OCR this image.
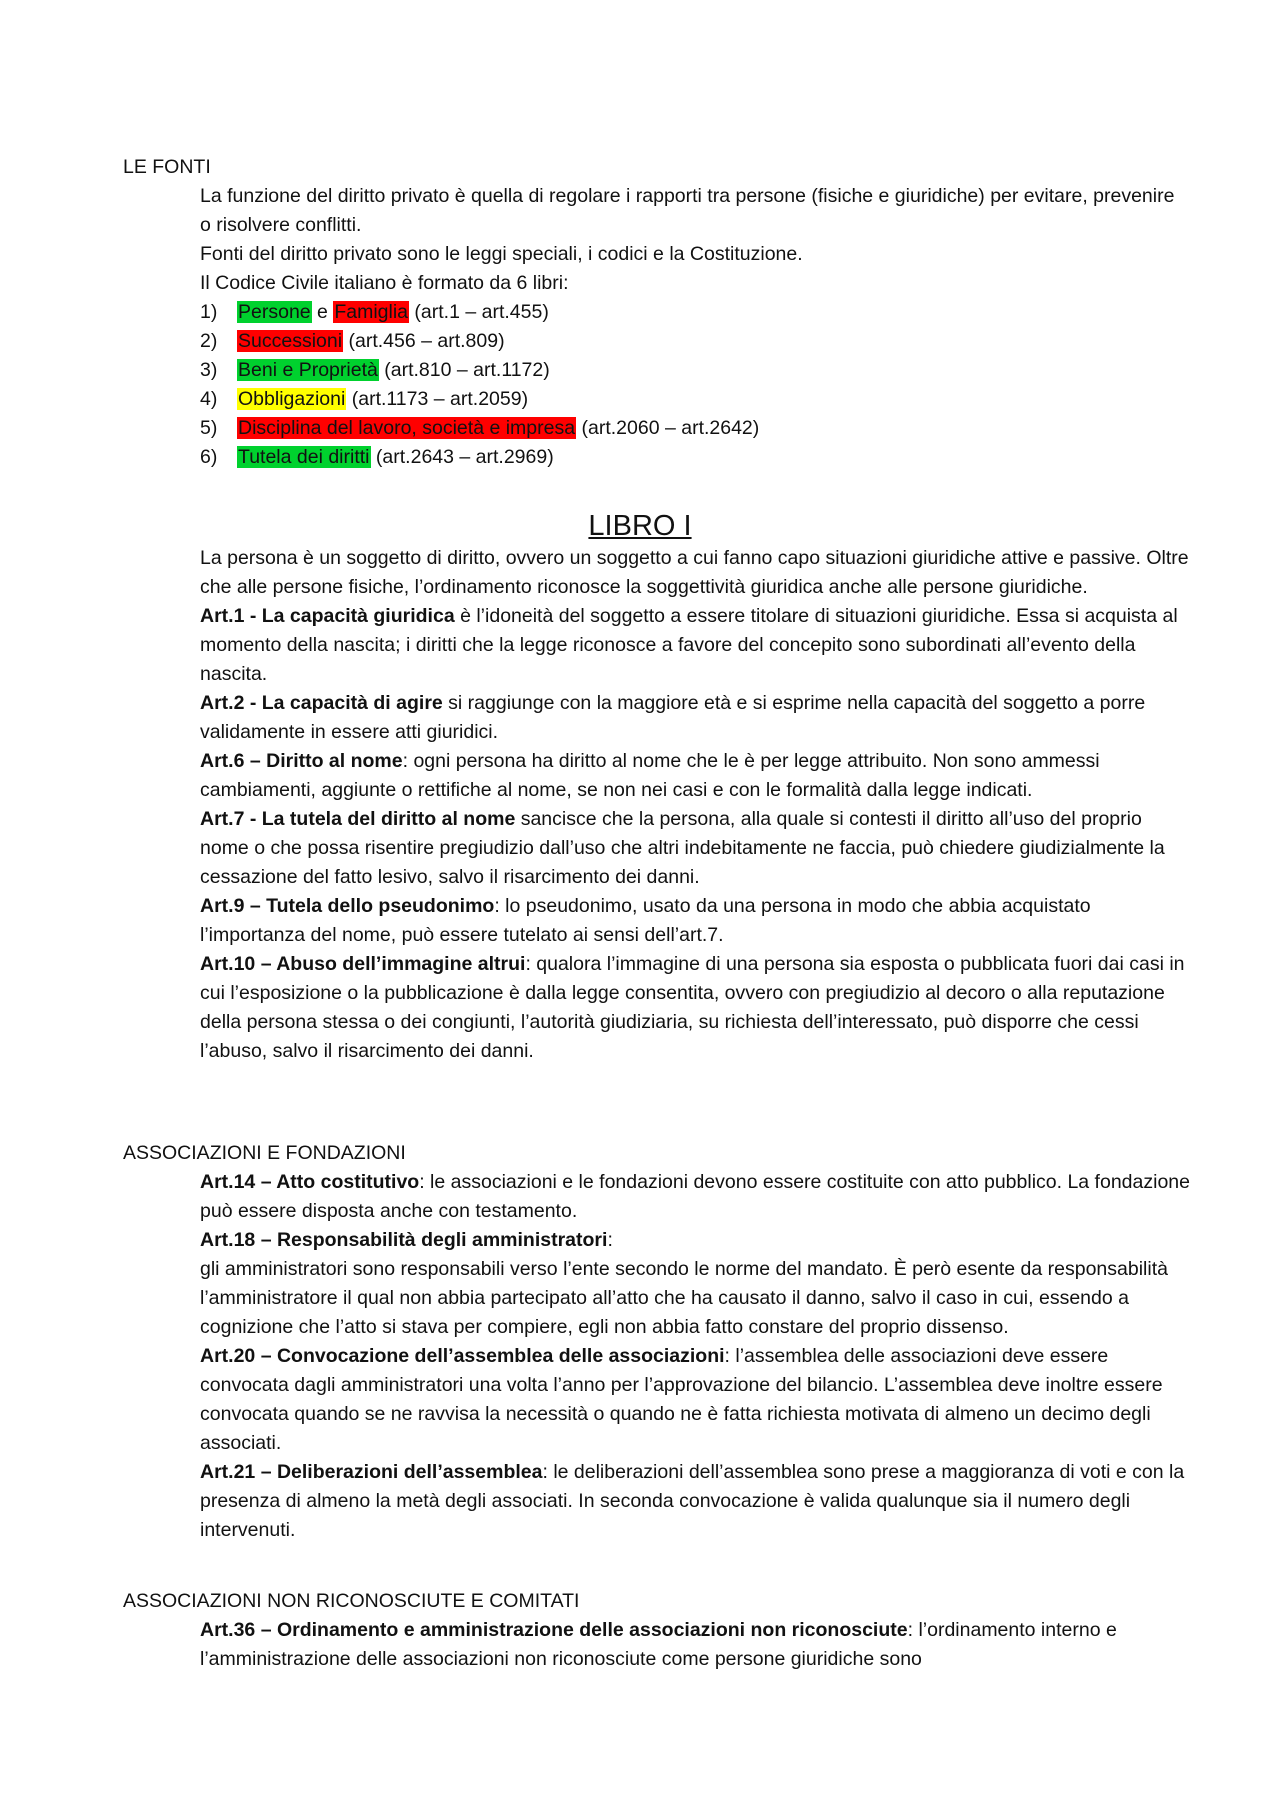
LE FONTI

La funzione del diritto privato è quella di regolare i rapporti tra persone (fisiche e giuridiche) per evitare, prevenire o risolvere conflitti.

Fonti del diritto privato sono le leggi speciali, i codici e la Costituzione.

Il Codice Civile italiano è formato da 6 libri:

1) Persone e Famiglia (art.1 – art.455)
2) Successioni (art.456 – art.809)
3) Beni e Proprietà (art.810 – art.1172)
4) Obbligazioni (art.1173 – art.2059)
5) Disciplina del lavoro, società e impresa (art.2060 – art.2642)
6) Tutela dei diritti (art.2643 – art.2969)
LIBRO I

La persona è un soggetto di diritto, ovvero un soggetto a cui fanno capo situazioni giuridiche attive e passive. Oltre che alle persone fisiche, l’ordinamento riconosce la soggettività giuridica anche alle persone giuridiche.

Art.1 - La capacità giuridica è l’idoneità del soggetto a essere titolare di situazioni giuridiche. Essa si acquista al momento della nascita; i diritti che la legge riconosce a favore del concepito sono subordinati all’evento della nascita.

Art.2 - La capacità di agire si raggiunge con la maggiore età e si esprime nella capacità del soggetto a porre validamente in essere atti giuridici.

Art.6 – Diritto al nome: ogni persona ha diritto al nome che le è per legge attribuito. Non sono ammessi cambiamenti, aggiunte o rettifiche al nome, se non nei casi e con le formalità dalla legge indicati.

Art.7 - La tutela del diritto al nome sancisce che la persona, alla quale si contesti il diritto all’uso del proprio nome o che possa risentire pregiudizio dall’uso che altri indebitamente ne faccia, può chiedere giudizialmente la cessazione del fatto lesivo, salvo il risarcimento dei danni.

Art.9 – Tutela dello pseudonimo: lo pseudonimo, usato da una persona in modo che abbia acquistato l’importanza del nome, può essere tutelato ai sensi dell’art.7.

Art.10 – Abuso dell’immagine altrui: qualora l’immagine di una persona sia esposta o pubblicata fuori dai casi in cui l’esposizione o la pubblicazione è dalla legge consentita, ovvero con pregiudizio al decoro o alla reputazione della persona stessa o dei congiunti, l’autorità giudiziaria, su richiesta dell’interessato, può disporre che cessi l’abuso, salvo il risarcimento dei danni.

ASSOCIAZIONI E FONDAZIONI

Art.14 – Atto costitutivo: le associazioni e le fondazioni devono essere costituite con atto pubblico. La fondazione può essere disposta anche con testamento.

Art.18 – Responsabilità degli amministratori:

gli amministratori sono responsabili verso l’ente secondo le norme del mandato. È però esente da responsabilità l’amministratore il qual non abbia partecipato all’atto che ha causato il danno, salvo il caso in cui, essendo a cognizione che l’atto si stava per compiere, egli non abbia fatto constare del proprio dissenso.

Art.20 – Convocazione dell’assemblea delle associazioni: l’assemblea delle associazioni deve essere convocata dagli amministratori una volta l’anno per l’approvazione del bilancio. L’assemblea deve inoltre essere convocata quando se ne ravvisa la necessità o quando ne è fatta richiesta motivata di almeno un decimo degli associati.

Art.21 – Deliberazioni dell’assemblea: le deliberazioni dell’assemblea sono prese a maggioranza di voti e con la presenza di almeno la metà degli associati. In seconda convocazione è valida qualunque sia il numero degli intervenuti.

ASSOCIAZIONI NON RICONOSCIUTE E COMITATI

Art.36 – Ordinamento e amministrazione delle associazioni non riconosciute: l’ordinamento interno e l’amministrazione delle associazioni non riconosciute come persone giuridiche sono
